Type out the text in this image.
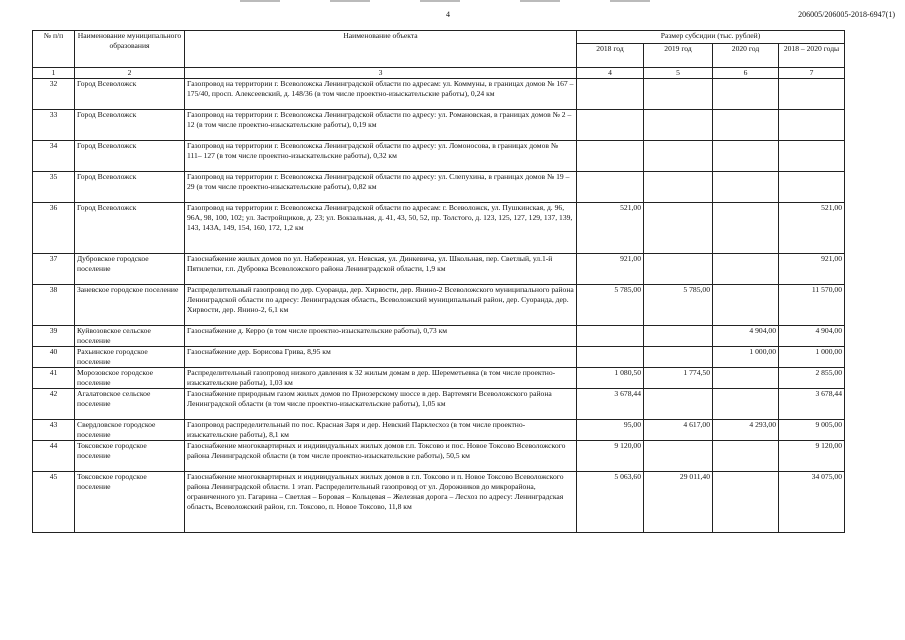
4	206005/206005-2018-6947(1)
№ п/п	Наименование муниципального образования	Наименование объекта	Размер субсидии (тыс. рублей)			
			2018 год	2019 год	2020 год	2018 – 2020 годы
1	2	3	4	5	6	7
32	Город Всеволожск	Газопровод на территории г. Всеволожска Ленинградской области по адресам: ул. Коммуны, в границах домов № 167 – 175/40, просп. Алексеевский, д. 148/36 (в том числе проектно-изыскательские работы), 0,24 км				
33	Город Всеволожск	Газопровод на территории г. Всеволожска Ленинградской области по адресу: ул. Романовская, в границах домов № 2 – 12 (в том числе проектно-изыскательские работы), 0,19 км				
34	Город Всеволожск	Газопровод на территории г. Всеволожска Ленинградской области по адресу: ул. Ломоносова, в границах домов № 111– 127 (в том числе проектно-изыскательские работы), 0,32 км				
35	Город Всеволожск	Газопровод на территории г. Всеволожска Ленинградской области по адресу: ул. Слепухина, в границах домов № 19 – 29 (в том числе проектно-изыскательские работы), 0,82 км				
36	Город Всеволожск	Газопровод на территории г. Всеволожска Ленинградской области по адресам: г. Всеволожск, ул. Пушкинская, д. 96, 96А, 98, 100, 102; ул. Застройщиков, д. 23; ул. Вокзальная, д. 41, 43, 50, 52, пр. Толстого, д. 123, 125, 127, 129, 137, 139, 143, 143А, 149, 154, 160, 172, 1,2 км	521,00			521,00
37	Дубровское городское поселение	Газоснабжение жилых домов по ул. Набережная, ул. Невская, ул. Динкевича, ул. Школьная, пер. Светлый, ул.1-й Пятилетки, г.п. Дубровка Всеволожского района Ленинградской области, 1,9 км	921,00			921,00
38	Заневское городское поселение	Распределительный газопровод по дер. Суоранда, дер. Хирвости, дер. Янино-2 Всеволожского муниципального района Ленинградской области по адресу: Ленинградская область, Всеволожский муниципальный район, дер. Суоранда, дер. Хирвости, дер. Янино-2, 6,1 км	5 785,00	5 785,00		11 570,00
39	Куйвозовское сельское поселение	Газоснабжение д. Керро (в том числе проектно-изыскательские работы), 0,73 км			4 904,00	4 904,00
40	Рахьинское городское поселение	Газоснабжение дер. Борисова Грива, 8,95 км			1 000,00	1 000,00
41	Морозовское городское поселение	Распределительный газопровод низкого давления к 32 жилым домам в дер. Шереметьевка (в том числе проектно-изыскательские работы), 1,03 км	1 080,50	1 774,50		2 855,00
42	Агалатовское сельское поселение	Газоснабжение природным газом жилых домов по Приозерскому шоссе в дер. Вартемяги Всеволожского района Ленинградской области (в том числе проектно-изыскательские работы), 1,05 км	3 678,44			3 678,44
43	Свердловское городское поселение	Газопровод распределительный по пос. Красная Заря и дер. Невский Парклесхоз (в том числе проектно-изыскательские работы), 8,1 км	95,00	4 617,00	4 293,00	9 005,00
44	Токсовское городское поселение	Газоснабжение многоквартирных и индивидуальных жилых домов г.п. Токсово и пос. Новое Токсово Всеволожского района Ленинградской области (в том числе проектно-изыскательские работы), 50,5 км	9 120,00			9 120,00
45	Токсовское городское поселение	Газоснабжение многоквартирных и индивидуальных жилых домов в г.п. Токсово и п. Новое Токсово Всеволожского района Ленинградской области. 1 этап. Распределительный газопровод от ул. Дорожников до микрорайона, ограниченного ул. Гагарина – Светлая – Боровая – Кольцевая – Железная дорога – Лесхоз по адресу: Ленинградская область, Всеволожский район, г.п. Токсово, п. Новое Токсово, 11,8 км	5 063,60	29 011,40		34 075,00
